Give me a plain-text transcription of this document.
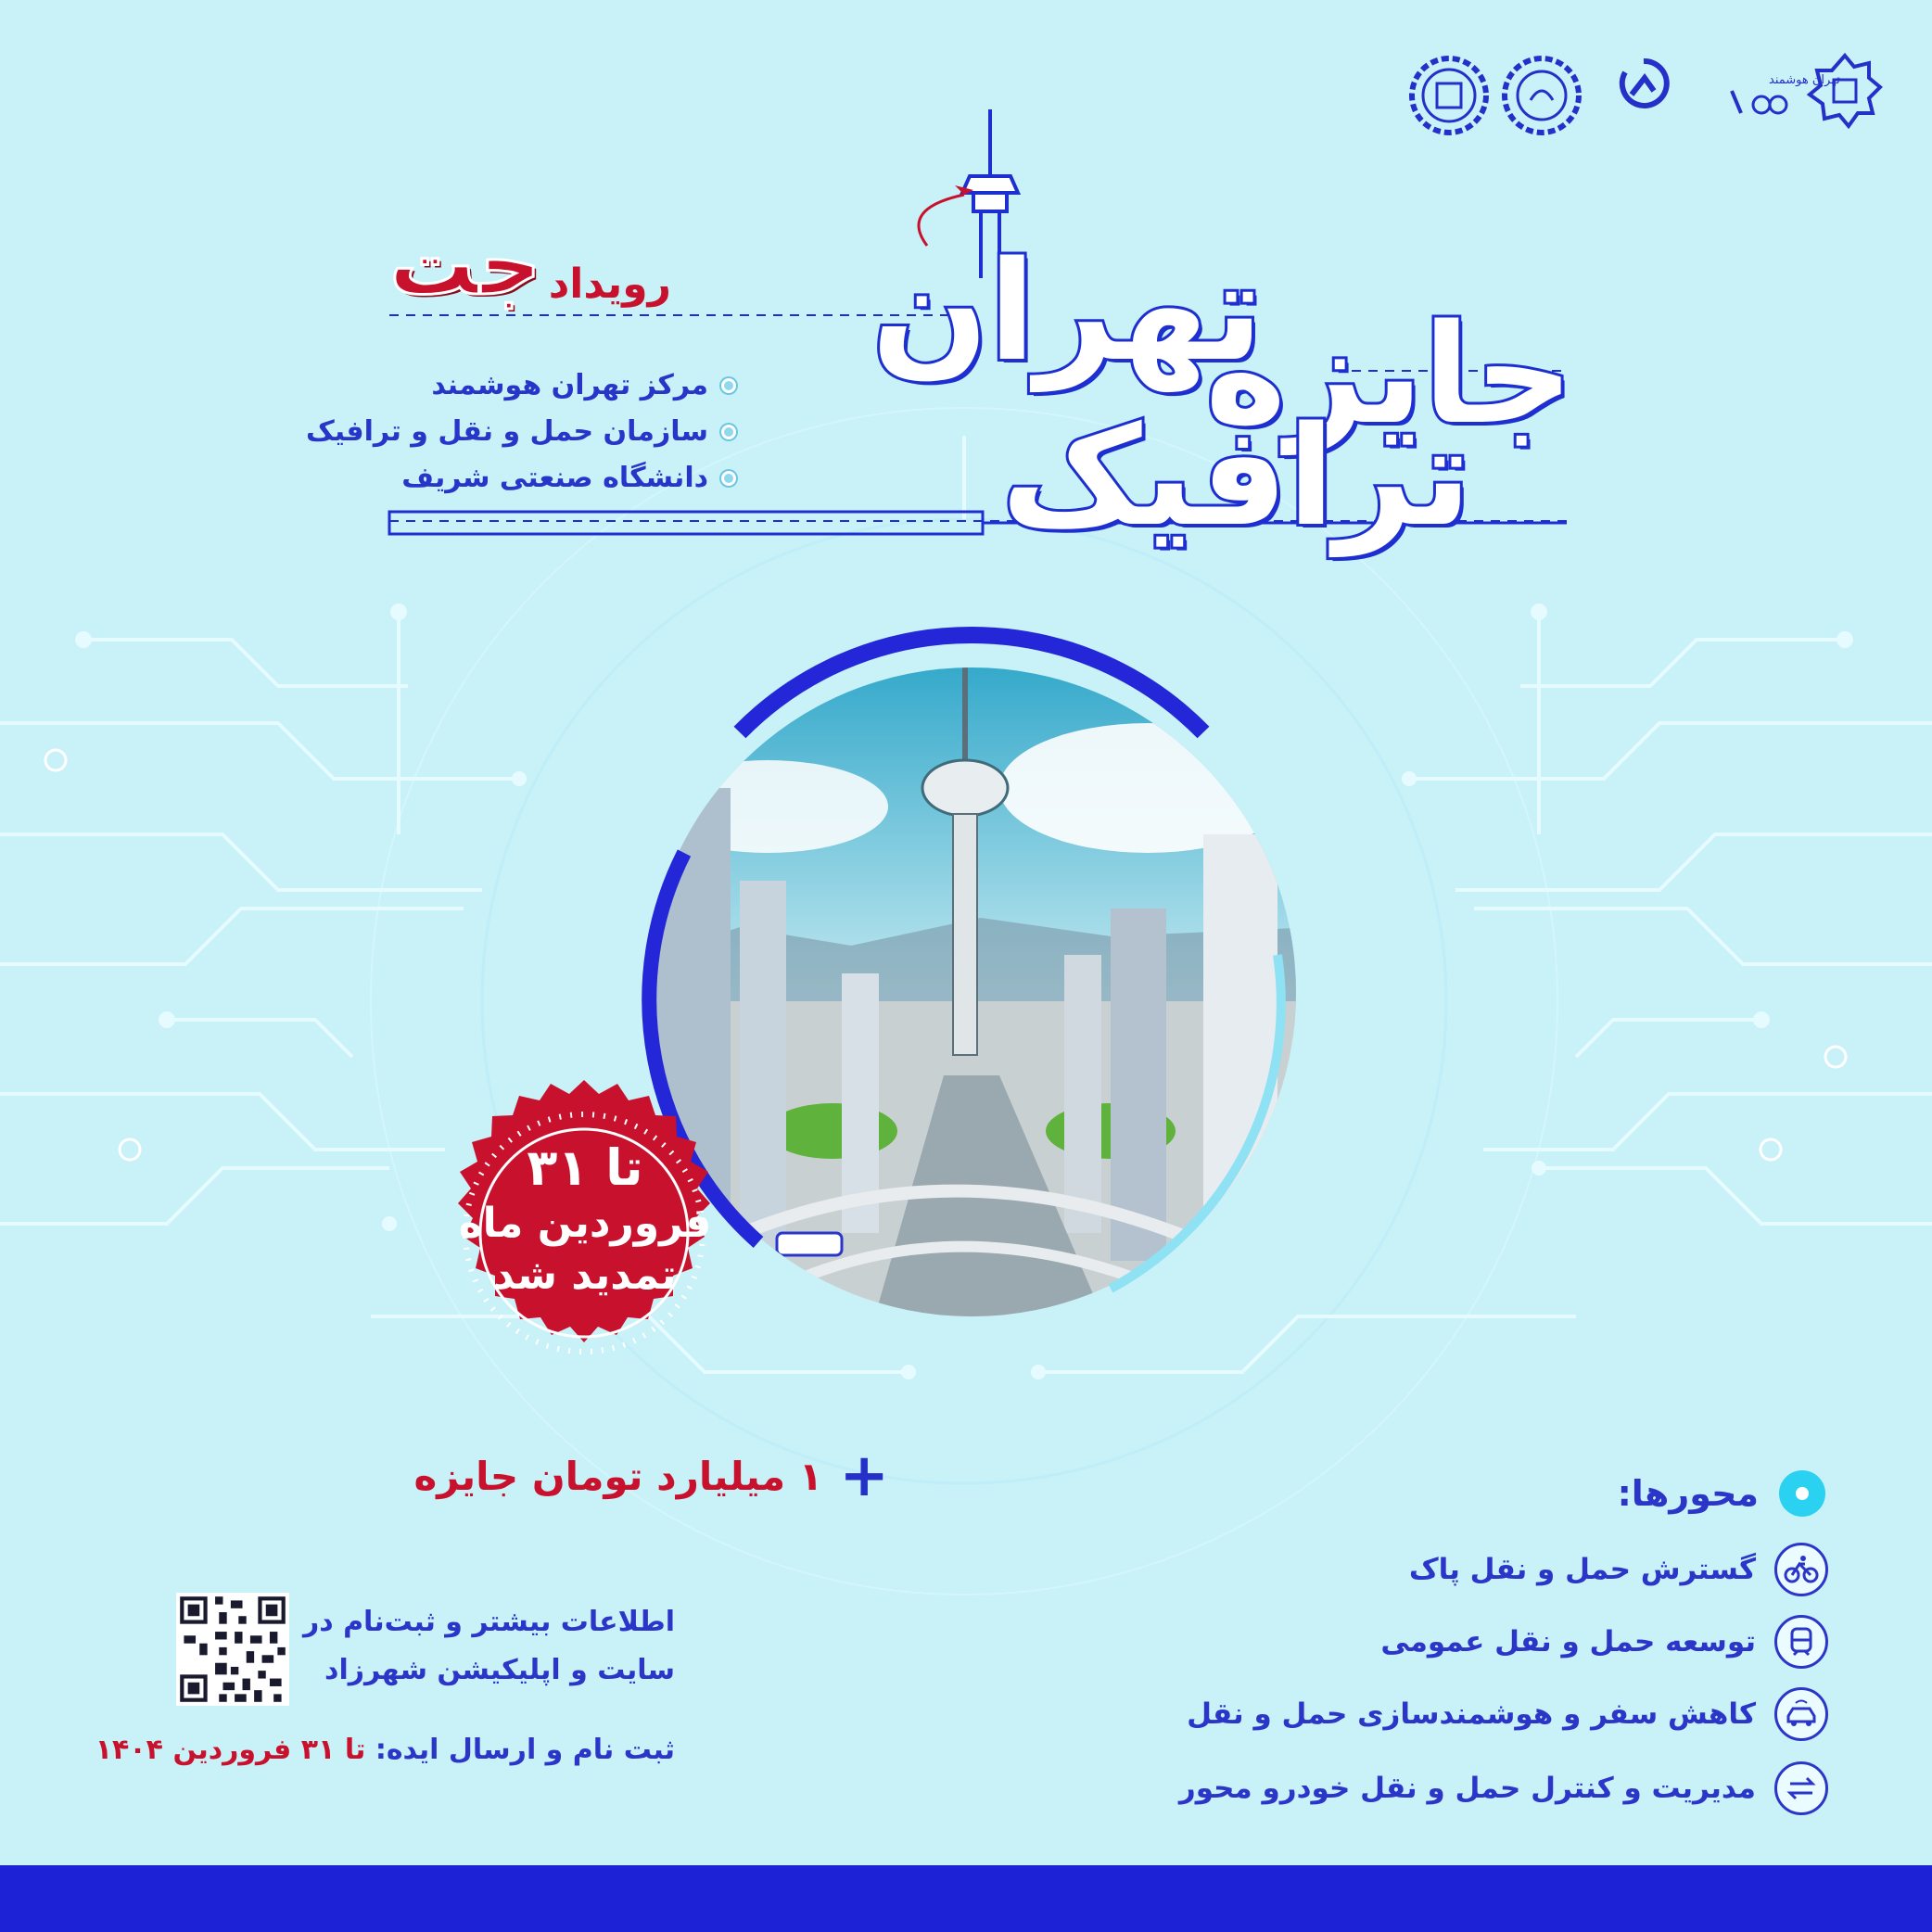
تهران هوشمند
جایزه
تهران
ترافیک
رویداد
جت
مرکز تهران هوشمند
سازمان حمل و نقل و ترافیک
دانشگاه صنعتی شریف
تا ۳۱
فروردین ماه
تمدید شد
+
۱ میلیارد تومان جایزه	محورها:
گسترش حمل و نقل پاک
توسعه حمل و نقل عمومی
کاهش سفر و هوشمندسازی حمل و نقل
مدیریت و کنترل حمل و نقل خودرو محور
اطلاعات بیشتر و ثبت‌نام در
سایت و اپلیکیشن شهرزاد
ثبت نام و ارسال ایده: تا ۳۱ فروردین ۱۴۰۴
